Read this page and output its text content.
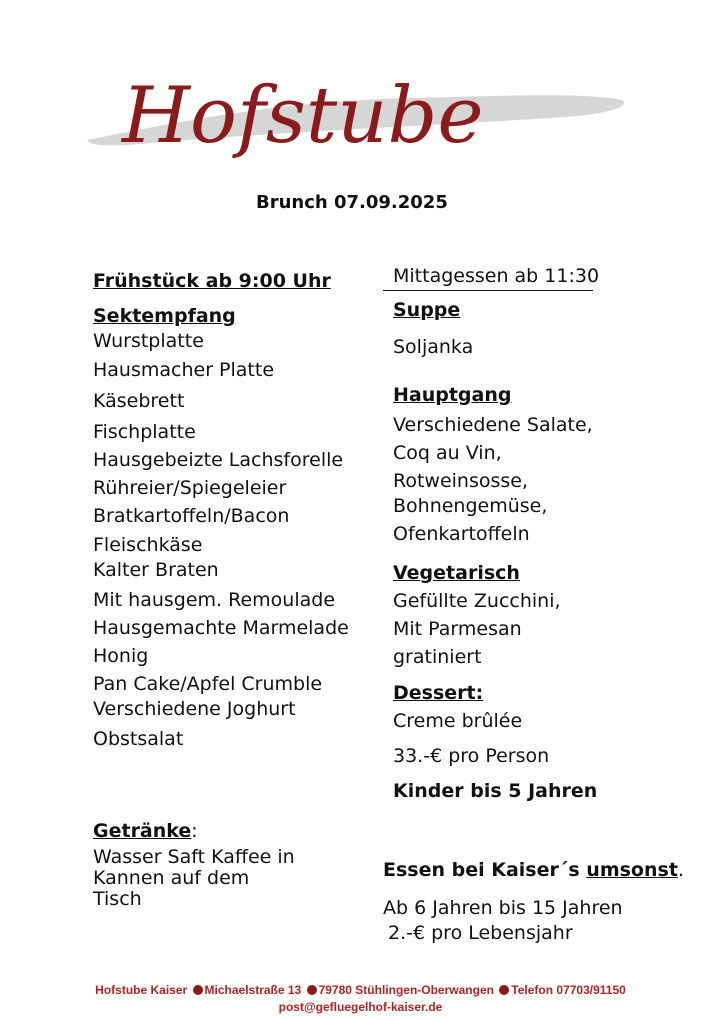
Hofstube
Brunch 07.09.2025
Frühstück ab 9:00 Uhr
Sektempfang
Wurstplatte
Hausmacher Platte
Käsebrett
Fischplatte
Hausgebeizte Lachsforelle
Rühreier/Spiegeleier
Bratkartoffeln/Bacon
Fleischkäse
Kalter Braten
Mit hausgem. Remoulade
Hausgemachte Marmelade
Honig
Pan Cake/Apfel Crumble
Verschiedene Joghurt
Obstsalat
Getränke:
Wasser Saft Kaffee in
Kannen auf dem
Tisch
Mittagessen ab 11:30
Suppe
Soljanka
Hauptgang
Verschiedene Salate,
Coq au Vin,
Rotweinsosse,
Bohnengemüse,
Ofenkartoffeln
Vegetarisch
Gefüllte Zucchini,
Mit Parmesan
gratiniert
Dessert:
Creme brûlée
33.-€ pro Person
Kinder bis 5 Jahren
Essen bei Kaiser´s umsonst.
Ab 6 Jahren bis 15 Jahren
2.-€ pro Lebensjahr
Hofstube Kaiser Michaelstraße 13 79780 Stühlingen-Oberwangen Telefon 07703/91150
post@gefluegelhof-kaiser.de
